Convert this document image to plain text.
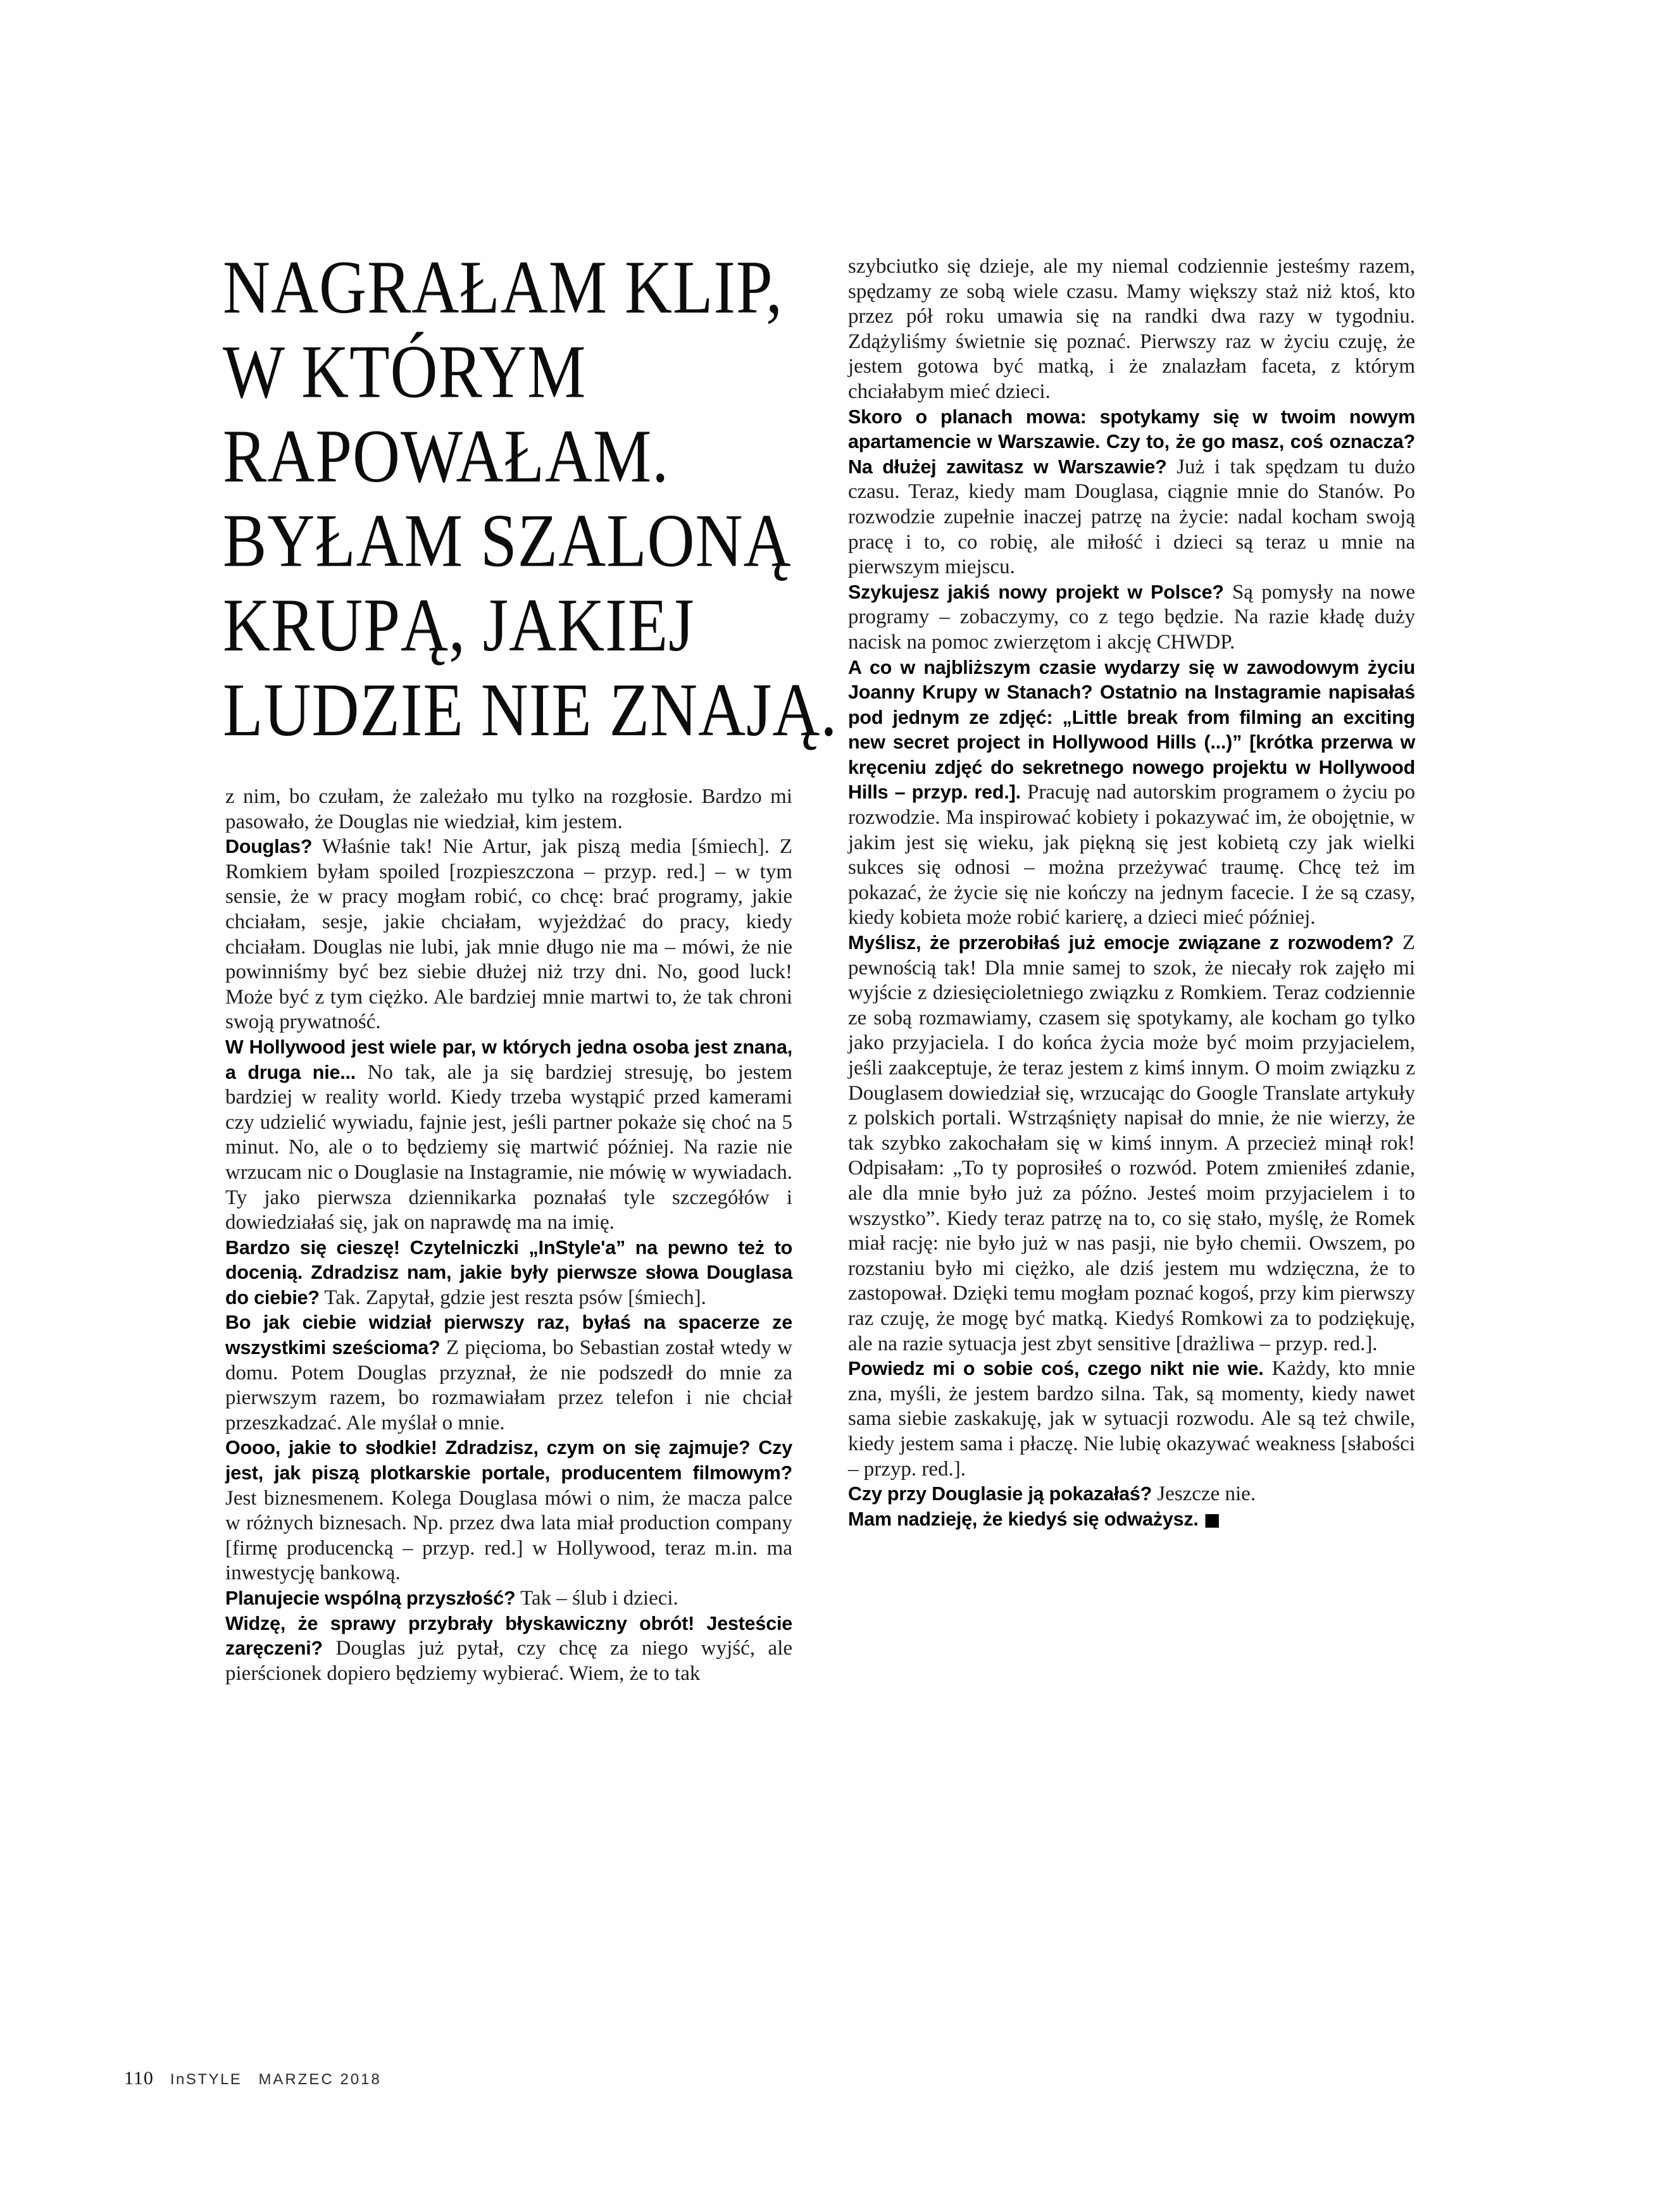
NAGRAŁAM KLIP,
W KTÓRYM
RAPOWAŁAM.
BYŁAM SZALONĄ
KRUPĄ, JAKIEJ
LUDZIE NIE ZNAJĄ.

z nim, bo czułam, że zależało mu tylko na rozgłosie. Bardzo mi pasowało, że Douglas nie wiedział, kim jestem.

Douglas? Właśnie tak! Nie Artur, jak piszą media [śmiech]. Z Romkiem byłam spoiled [rozpieszczona – przyp. red.] – w tym sensie, że w pracy mogłam robić, co chcę: brać programy, jakie chciałam, sesje, jakie chciałam, wyjeżdżać do pracy, kiedy chciałam. Douglas nie lubi, jak mnie długo nie ma – mówi, że nie powinniśmy być bez siebie dłużej niż trzy dni. No, good luck! Może być z tym ciężko. Ale bardziej mnie martwi to, że tak chroni swoją prywatność.

W Hollywood jest wiele par, w których jedna osoba jest znana, a druga nie... No tak, ale ja się bardziej stresuję, bo jestem bardziej w reality world. Kiedy trzeba wystąpić przed kamerami czy udzielić wywiadu, fajnie jest, jeśli partner pokaże się choć na 5 minut. No, ale o to będziemy się martwić później. Na razie nie wrzucam nic o Douglasie na Instagramie, nie mówię w wywiadach. Ty jako pierwsza dziennikarka poznałaś tyle szczegółów i dowiedziałaś się, jak on naprawdę ma na imię.

Bardzo się cieszę! Czytelniczki „InStyle'a” na pewno też to docenią. Zdradzisz nam, jakie były pierwsze słowa Douglasa do ciebie? Tak. Zapytał, gdzie jest reszta psów [śmiech].

Bo jak ciebie widział pierwszy raz, byłaś na spacerze ze wszystkimi sześcioma? Z pięcioma, bo Sebastian został wtedy w domu. Potem Douglas przyznał, że nie podszedł do mnie za pierwszym razem, bo rozmawiałam przez telefon i nie chciał przeszkadzać. Ale myślał o mnie.

Oooo, jakie to słodkie! Zdradzisz, czym on się zajmuje? Czy jest, jak piszą plotkarskie portale, producentem filmowym? Jest biznesmenem. Kolega Douglasa mówi o nim, że macza palce w różnych biznesach. Np. przez dwa lata miał production company [firmę producencką – przyp. red.] w Hollywood, teraz m.in. ma inwestycję bankową.

Planujecie wspólną przyszłość? Tak – ślub i dzieci.

Widzę, że sprawy przybrały błyskawiczny obrót! Jesteście zaręczeni? Douglas już pytał, czy chcę za niego wyjść, ale pierścionek dopiero będziemy wybierać. Wiem, że to tak

szybciutko się dzieje, ale my niemal codziennie jesteśmy razem, spędzamy ze sobą wiele czasu. Mamy większy staż niż ktoś, kto przez pół roku umawia się na randki dwa razy w tygodniu. Zdążyliśmy świetnie się poznać. Pierwszy raz w życiu czuję, że jestem gotowa być matką, i że znalazłam faceta, z którym chciałabym mieć dzieci.

Skoro o planach mowa: spotykamy się w twoim nowym apartamencie w Warszawie. Czy to, że go masz, coś oznacza? Na dłużej zawitasz w Warszawie? Już i tak spędzam tu dużo czasu. Teraz, kiedy mam Douglasa, ciągnie mnie do Stanów. Po rozwodzie zupełnie inaczej patrzę na życie: nadal kocham swoją pracę i to, co robię, ale miłość i dzieci są teraz u mnie na pierwszym miejscu.

Szykujesz jakiś nowy projekt w Polsce? Są pomysły na nowe programy – zobaczymy, co z tego będzie. Na razie kładę duży nacisk na pomoc zwierzętom i akcję CHWDP.

A co w najbliższym czasie wydarzy się w zawodowym życiu Joanny Krupy w Stanach? Ostatnio na Instagramie napisałaś pod jednym ze zdjęć: „Little break from filming an exciting new secret project in Hollywood Hills (...)” [krótka przerwa w kręceniu zdjęć do sekretnego nowego projektu w Hollywood Hills – przyp. red.]. Pracuję nad autorskim programem o życiu po rozwodzie. Ma inspirować kobiety i pokazywać im, że obojętnie, w jakim jest się wieku, jak piękną się jest kobietą czy jak wielki sukces się odnosi – można przeżywać traumę. Chcę też im pokazać, że życie się nie kończy na jednym facecie. I że są czasy, kiedy kobieta może robić karierę, a dzieci mieć później.

Myślisz, że przerobiłaś już emocje związane z rozwodem? Z pewnością tak! Dla mnie samej to szok, że niecały rok zajęło mi wyjście z dziesięcioletniego związku z Romkiem. Teraz codziennie ze sobą rozmawiamy, czasem się spotykamy, ale kocham go tylko jako przyjaciela. I do końca życia może być moim przyjacielem, jeśli zaakceptuje, że teraz jestem z kimś innym. O moim związku z Douglasem dowiedział się, wrzucając do Google Translate artykuły z polskich portali. Wstrząśnięty napisał do mnie, że nie wierzy, że tak szybko zakochałam się w kimś innym. A przecież minął rok! Odpisałam: „To ty poprosiłeś o rozwód. Potem zmieniłeś zdanie, ale dla mnie było już za późno. Jesteś moim przyjacielem i to wszystko”. Kiedy teraz patrzę na to, co się stało, myślę, że Romek miał rację: nie było już w nas pasji, nie było chemii. Owszem, po rozstaniu było mi ciężko, ale dziś jestem mu wdzięczna, że to zastopował. Dzięki temu mogłam poznać kogoś, przy kim pierwszy raz czuję, że mogę być matką. Kiedyś Romkowi za to podziękuję, ale na razie sytuacja jest zbyt sensitive [drażliwa – przyp. red.].

Powiedz mi o sobie coś, czego nikt nie wie. Każdy, kto mnie zna, myśli, że jestem bardzo silna. Tak, są momenty, kiedy nawet sama siebie zaskakuję, jak w sytuacji rozwodu. Ale są też chwile, kiedy jestem sama i płaczę. Nie lubię okazywać weakness [słabości – przyp. red.].

Czy przy Douglasie ją pokazałaś? Jeszcze nie.

Mam nadzieję, że kiedyś się odważysz. ■

110 InSTYLE MARZEC 2018
